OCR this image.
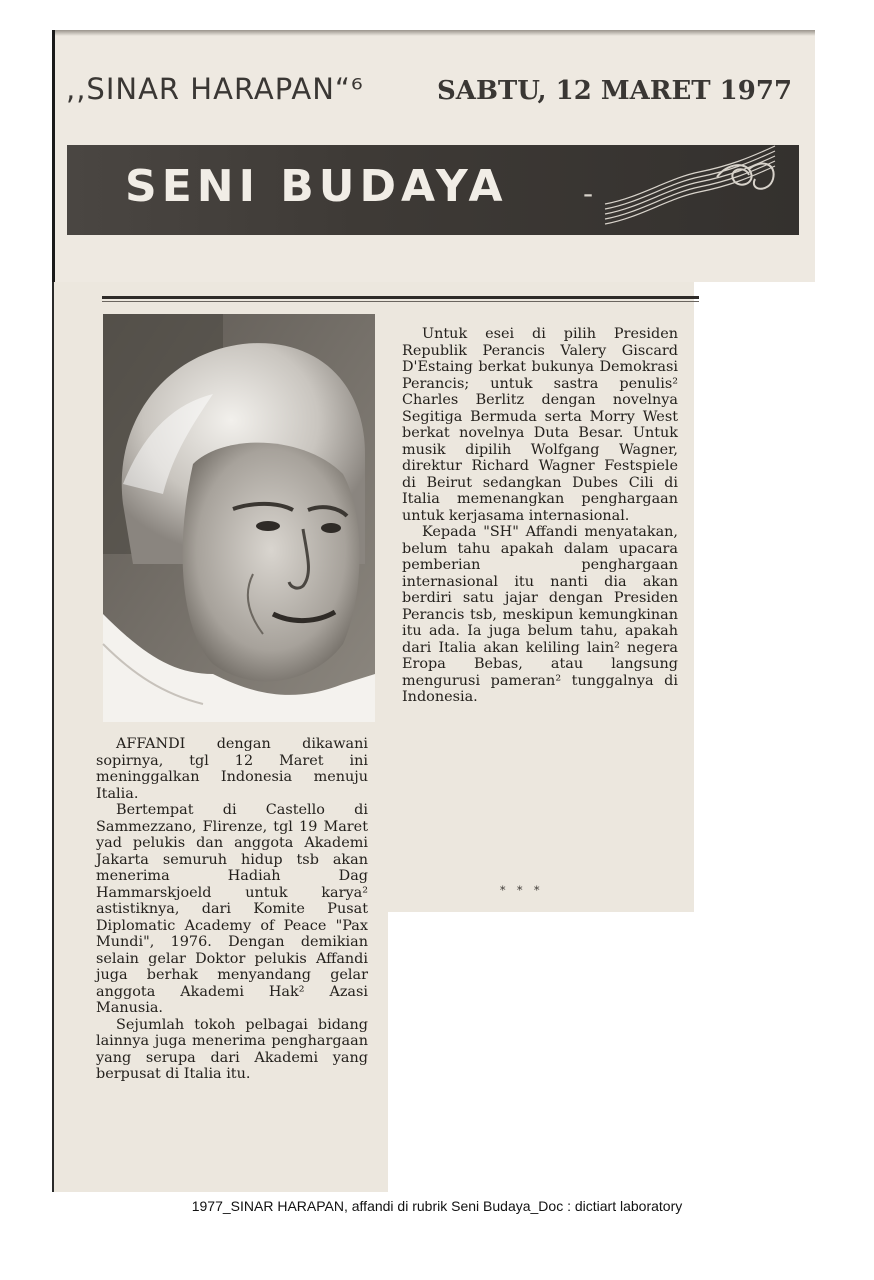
,,SINAR HARAPAN“⁶	SABTU, 12 MARET 1977
SENI BUDAYA	-

AFFANDI dengan dikawani sopirnya, tgl 12 Maret ini meninggalkan Indonesia menuju Italia.

Bertempat di Castello di Sammezzano, Flirenze, tgl 19 Maret yad pelukis dan anggota Akademi Jakarta semuruh hidup tsb akan menerima Hadiah Dag Hammarskjoeld untuk karya² astistiknya, dari Komite Pusat Diplomatic Academy of Peace "Pax Mundi", 1976. Dengan demikian selain gelar Doktor pelukis Affandi juga berhak menyandang gelar anggota Akademi Hak² Azasi Manusia.

Sejumlah tokoh pelbagai bidang lainnya juga menerima penghargaan yang serupa dari Akademi yang berpusat di Italia itu.

Untuk esei di pilih Presiden Republik Perancis Valery Giscard D'Estaing berkat bukunya Demokrasi Perancis; untuk sastra penulis² Charles Berlitz dengan novelnya Segitiga Bermuda serta Morry West berkat novelnya Duta Besar. Untuk musik dipilih Wolfgang Wagner, direktur Richard Wagner Festspiele di Beirut sedangkan Dubes Cili di Italia memenangkan penghargaan untuk kerjasama internasional.

Kepada "SH" Affandi menyatakan, belum tahu apakah dalam upacara pemberian penghargaan internasional itu nanti dia akan berdiri satu jajar dengan Presiden Perancis tsb, meskipun kemungkinan itu ada. Ia juga belum tahu, apakah dari Italia akan keliling lain² negera Eropa Bebas, atau langsung mengurusi pameran² tunggalnya di Indonesia.

* * *
1977_SINAR HARAPAN, affandi di rubrik Seni Budaya_Doc : dictiart laboratory
